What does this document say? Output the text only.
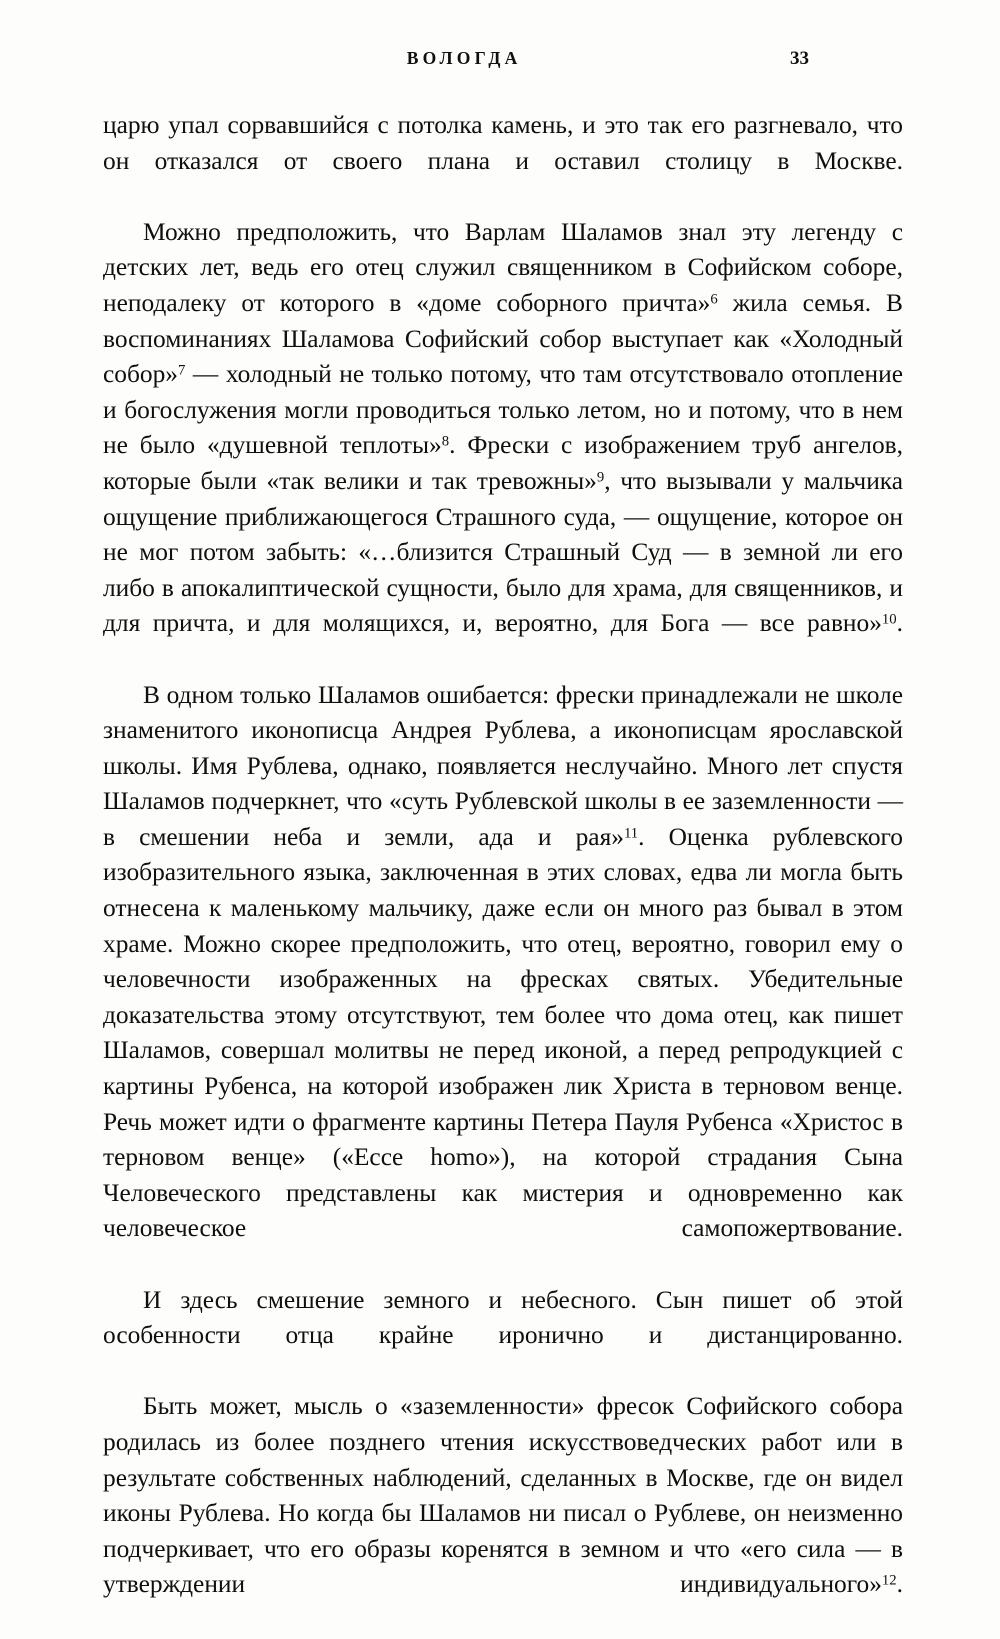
ВОЛОГДА	33

царю упал сорвавшийся с потолка камень, и это так его разгневало, что он отказался от своего плана и оставил столицу в Москве.

Можно предположить, что Варлам Шаламов знал эту легенду с детских лет, ведь его отец служил священником в Софийском соборе, неподалеку от которого в «доме соборного причта»$^6$ жила семья. В воспоминаниях Шаламова Софийский собор выступает как «Холодный собор»$^7$ — холодный не только потому, что там отсутствовало отопление и богослужения могли проводиться только летом, но и потому, что в нем не было «душевной теплоты»$^8$. Фрески с изображением труб ангелов, которые были «так велики и так тревожны»$^9$, что вызывали у мальчика ощущение приближающегося Страшного суда, — ощущение, которое он не мог потом забыть: «…близится Страшный Суд — в земной ли его либо в апокалиптической сущности, было для храма, для священников, и для причта, и для молящихся, и, вероятно, для Бога — все равно»$^{10}$.

В одном только Шаламов ошибается: фрески принадлежали не школе знаменитого иконописца Андрея Рублева, а иконописцам ярославской школы. Имя Рублева, однако, появляется неслучайно. Много лет спустя Шаламов подчеркнет, что «суть Рублевской школы в ее заземленности — в смешении неба и земли, ада и рая»$^{11}$. Оценка рублевского изобразительного языка, заключенная в этих словах, едва ли могла быть отнесена к маленькому мальчику, даже если он много раз бывал в этом храме. Можно скорее предположить, что отец, вероятно, говорил ему о человечности изображенных на фресках святых. Убедительные доказательства этому отсутствуют, тем более что дома отец, как пишет Шаламов, совершал молитвы не перед иконой, а перед репродукцией с картины Рубенса, на которой изображен лик Христа в терновом венце. Речь может идти о фрагменте картины Петера Пауля Рубенса «Христос в терновом венце» («Ecce homo»), на которой страдания Сына Человеческого представлены как мистерия и одновременно как человеческое самопожертвование.

И здесь смешение земного и небесного. Сын пишет об этой особенности отца крайне иронично и дистанцированно.

Быть может, мысль о «заземленности» фресок Софийского собора родилась из более позднего чтения искусствоведческих работ или в результате собственных наблюдений, сделанных в Москве, где он видел иконы Рублева. Но когда бы Шаламов ни писал о Рублеве, он неизменно подчеркивает, что его образы коренятся в земном и что «его сила — в утверждении индивидуального»$^{12}$.
